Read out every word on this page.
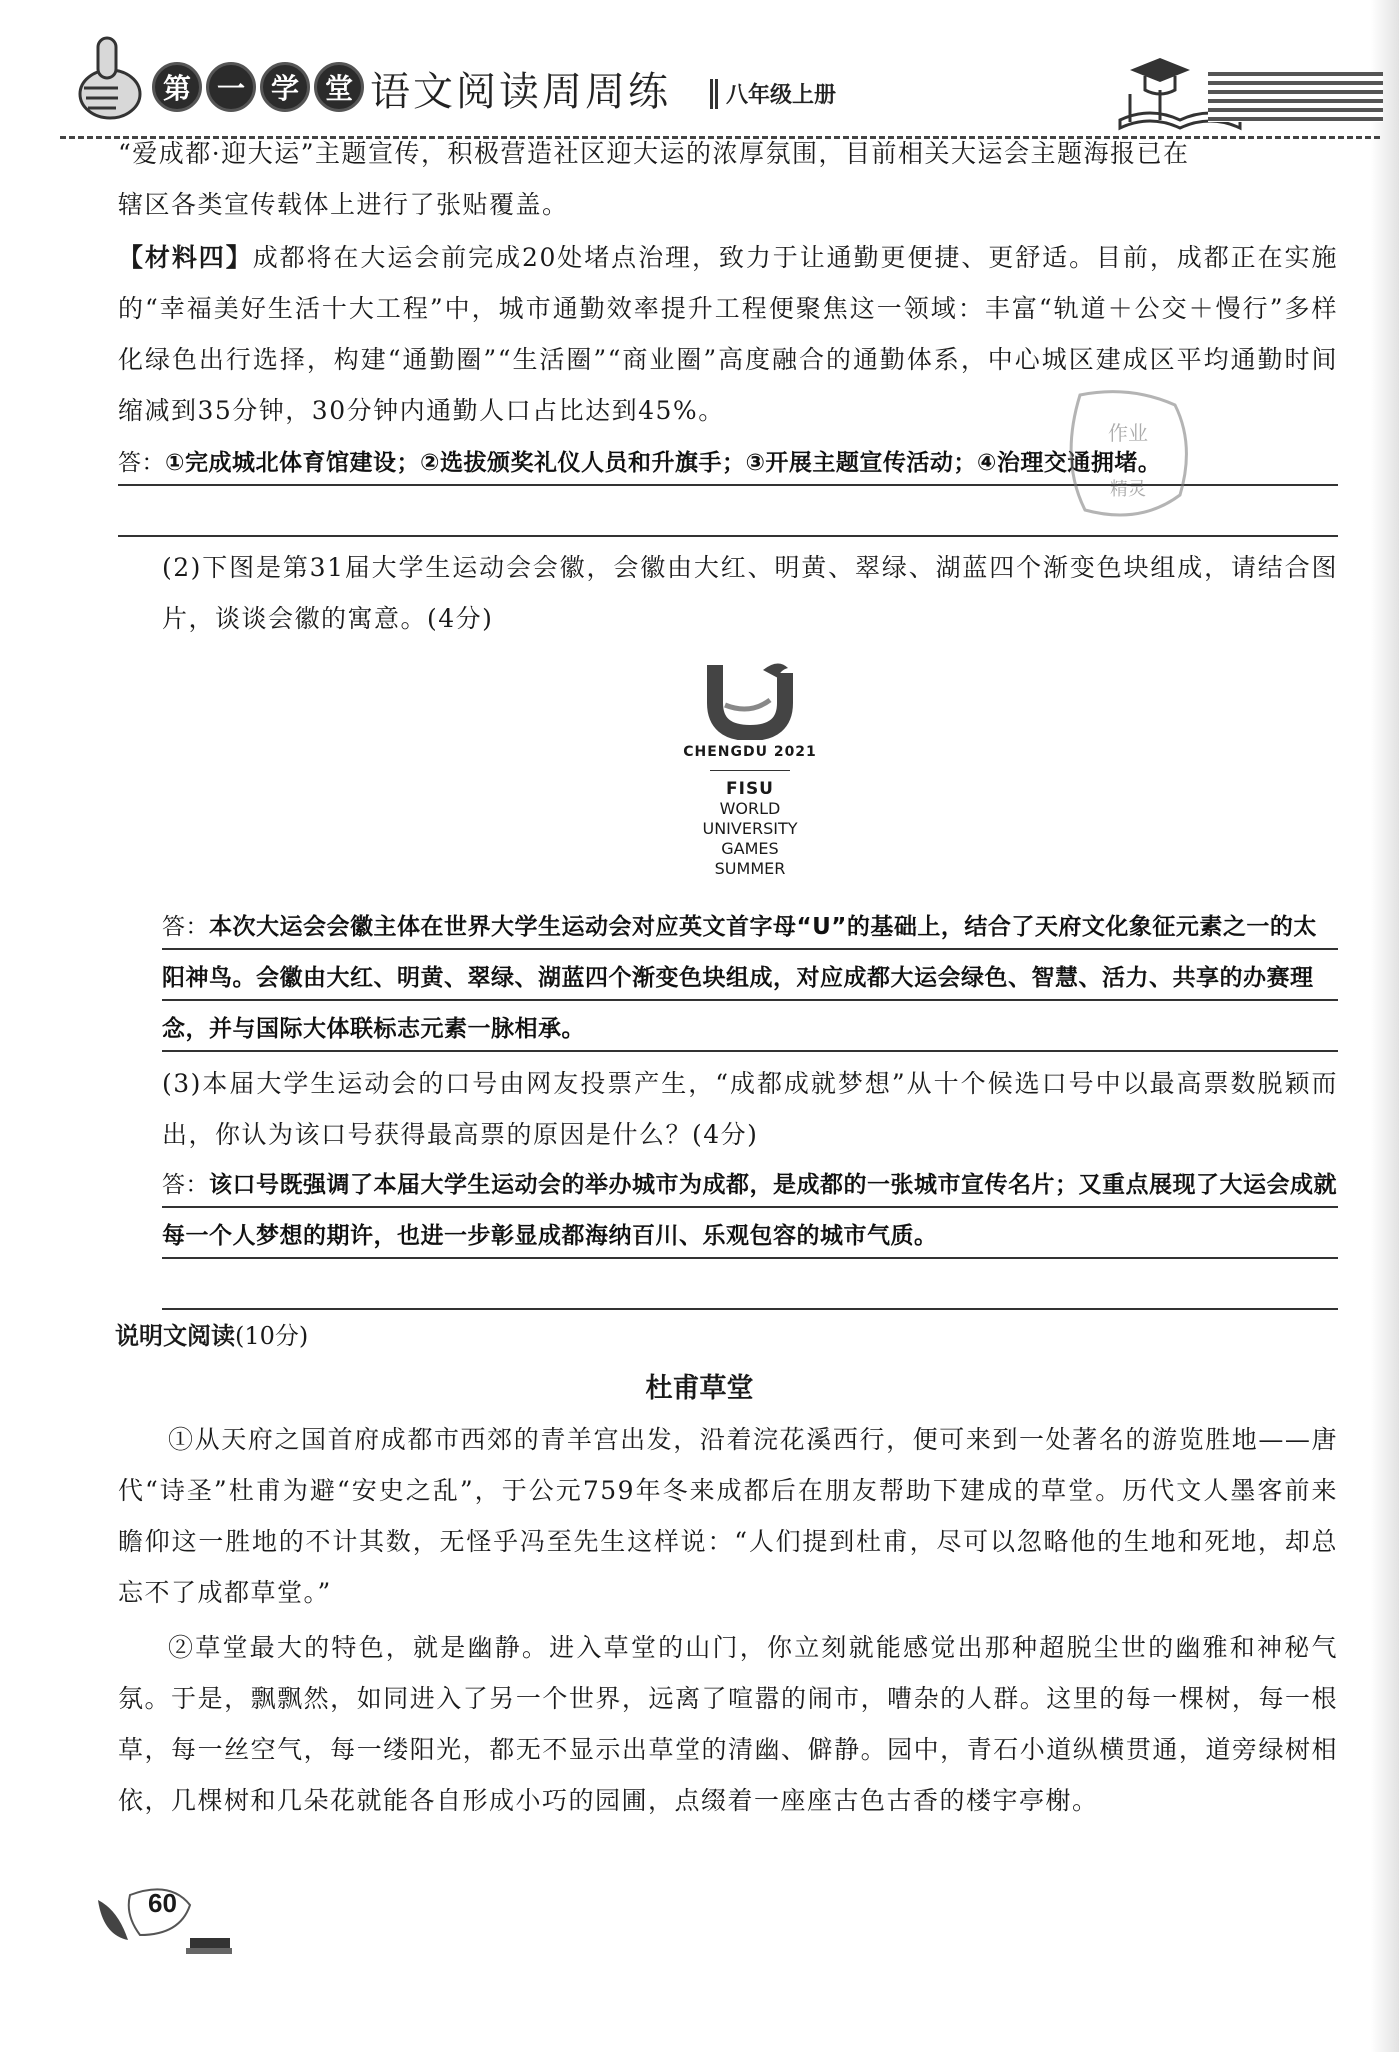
第 一 学 堂 语文阅读周周练	八年级上册
“爱成都·迎大运”主题宣传，积极营造社区迎大运的浓厚氛围，目前相关大运会主题海报已在
辖区各类宣传载体上进行了张贴覆盖。
【材料四】成都将在大运会前完成20处堵点治理，致力于让通勤更便捷、更舒适。目前，成都正在实施的“幸福美好生活十大工程”中，城市通勤效率提升工程便聚焦这一领域：丰富“轨道＋公交＋慢行”多样化绿色出行选择，构建“通勤圈”“生活圈”“商业圈”高度融合的通勤体系，中心城区建成区平均通勤时间缩减到35分钟，30分钟内通勤人口占比达到45%。
答：①完成城北体育馆建设；②选拔颁奖礼仪人员和升旗手；③开展主题宣传活动；④治理交通拥堵。
作业
精灵
(2)下图是第31届大学生运动会会徽，会徽由大红、明黄、翠绿、湖蓝四个渐变色块组成，请结合图片，谈谈会徽的寓意。(4分)
CHENGDU 2021
FISU
WORLD
UNIVERSITY
GAMES
SUMMER
答：本次大运会会徽主体在世界大学生运动会对应英文首字母“U”的基础上，结合了天府文化象征元素之一的太阳神鸟。会徽由大红、明黄、翠绿、湖蓝四个渐变色块组成，对应成都大运会绿色、智慧、活力、共享的办赛理念，并与国际大体联标志元素一脉相承。
(3)本届大学生运动会的口号由网友投票产生，“成都成就梦想”从十个候选口号中以最高票数脱颖而出，你认为该口号获得最高票的原因是什么？(4分)
答：该口号既强调了本届大学生运动会的举办城市为成都，是成都的一张城市宣传名片；又重点展现了大运会成就每一个人梦想的期许，也进一步彰显成都海纳百川、乐观包容的城市气质。
说明文阅读(10分)
杜甫草堂
①从天府之国首府成都市西郊的青羊宫出发，沿着浣花溪西行，便可来到一处著名的游览胜地——唐代“诗圣”杜甫为避“安史之乱”，于公元759年冬来成都后在朋友帮助下建成的草堂。历代文人墨客前来瞻仰这一胜地的不计其数，无怪乎冯至先生这样说：“人们提到杜甫，尽可以忽略他的生地和死地，却总忘不了成都草堂。”
②草堂最大的特色，就是幽静。进入草堂的山门，你立刻就能感觉出那种超脱尘世的幽雅和神秘气氛。于是，飘飘然，如同进入了另一个世界，远离了喧嚣的闹市，嘈杂的人群。这里的每一棵树，每一根草，每一丝空气，每一缕阳光，都无不显示出草堂的清幽、僻静。园中，青石小道纵横贯通，道旁绿树相依，几棵树和几朵花就能各自形成小巧的园圃，点缀着一座座古色古香的楼宇亭榭。
60
